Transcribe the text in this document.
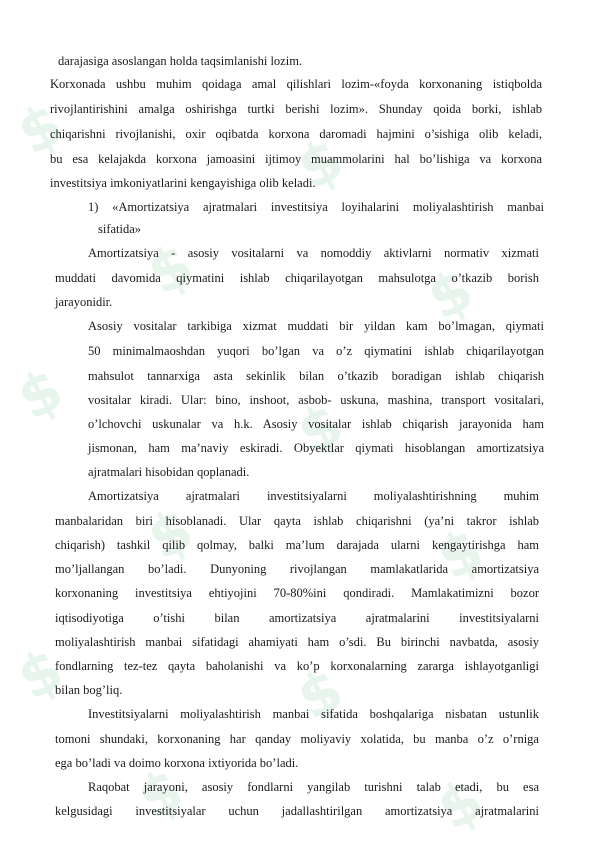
$	$
$	$
$	$
$	$
$	$
$	$
darajasiga asoslangan holda taqsimlanishi lozim.
Korxonada ushbu muhim qoidaga amal qilishlari lozim-«foyda korxonaning istiqbolda
rivojlantirishini amalga oshirishga turtki berishi lozim». Shunday qoida borki, ishlab
chiqarishni rivojlanishi, oxir oqibatda korxona daromadi hajmini o’sishiga olib keladi,
bu esa kelajakda korxona jamoasini ijtimoy muammolarini hal bo’lishiga va korxona
investitsiya imkoniyatlarini kengayishiga olib keladi.
1) «Amortizatsiya ajratmalari investitsiya loyihalarini moliyalashtirish manbai
sifatida»
Amortizatsiya - asosiy vositalarni va nomoddiy aktivlarni normativ xizmati
muddati davomida qiymatini ishlab chiqarilayotgan mahsulotga o’tkazib borish
jarayonidir.
Asosiy vositalar tarkibiga xizmat muddati bir yildan kam bo’lmagan, qiymati
50 minimalmaoshdan yuqori bo’lgan va o’z qiymatini ishlab chiqarilayotgan
mahsulot tannarxiga asta sekinlik bilan o’tkazib boradigan ishlab chiqarish
vositalar kiradi. Ular: bino, inshoot, asbob- uskuna, mashina, transport vositalari,
o’lchovchi uskunalar va h.k. Asosiy vositalar ishlab chiqarish jarayonida ham
jismonan, ham ma’naviy eskiradi. Obyektlar qiymati hisoblangan amortizatsiya
ajratmalari hisobidan qoplanadi.
Amortizatsiya ajratmalari investitsiyalarni moliyalashtirishning muhim
manbalaridan biri hisoblanadi. Ular qayta ishlab chiqarishni (ya’ni takror ishlab
chiqarish) tashkil qilib qolmay, balki ma’lum darajada ularni kengaytirishga ham
mo’ljallangan bo’ladi. Dunyoning rivojlangan mamlakatlarida amortizatsiya
korxonaning investitsiya ehtiyojini 70-80%ini qondiradi. Mamlakatimizni bozor
iqtisodiyotiga o’tishi bilan amortizatsiya ajratmalarini investitsiyalarni
moliyalashtirish manbai sifatidagi ahamiyati ham o’sdi. Bu birinchi navbatda, asosiy
fondlarning tez-tez qayta baholanishi va ko’p korxonalarning zararga ishlayotganligi
bilan bog’liq.
Investitsiyalarni moliyalashtirish manbai sifatida boshqalariga nisbatan ustunlik
tomoni shundaki, korxonaning har qanday moliyaviy xolatida, bu manba o’z o’rniga
ega bo’ladi va doimo korxona ixtiyorida bo’ladi.
Raqobat jarayoni, asosiy fondlarni yangilab turishni talab etadi, bu esa
kelgusidagi investitsiyalar uchun jadallashtirilgan amortizatsiya ajratmalarini
